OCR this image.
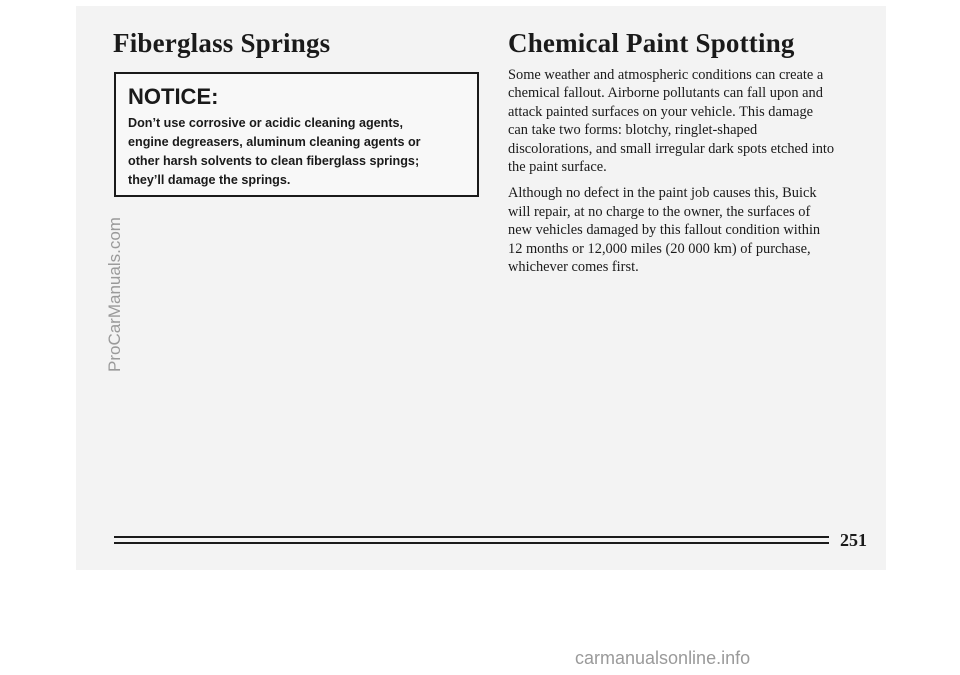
Fiberglass Springs
NOTICE:

Don’t use corrosive or acidic cleaning agents,
engine degreasers, aluminum cleaning agents or
other harsh solvents to clean fiberglass springs;
they’ll damage the springs.

Chemical Paint Spotting

Some weather and atmospheric conditions can create a
chemical fallout. Airborne pollutants can fall upon and
attack painted surfaces on your vehicle. This damage
can take two forms: blotchy, ringlet-shaped
discolorations, and small irregular dark spots etched into
the paint surface.

Although no defect in the paint job causes this, Buick
will repair, at no charge to the owner, the surfaces of
new vehicles damaged by this fallout condition within
12 months or 12,000 miles (20 000 km) of purchase,
whichever comes first.

251
ProCarManuals.com
carmanualsonline.info
